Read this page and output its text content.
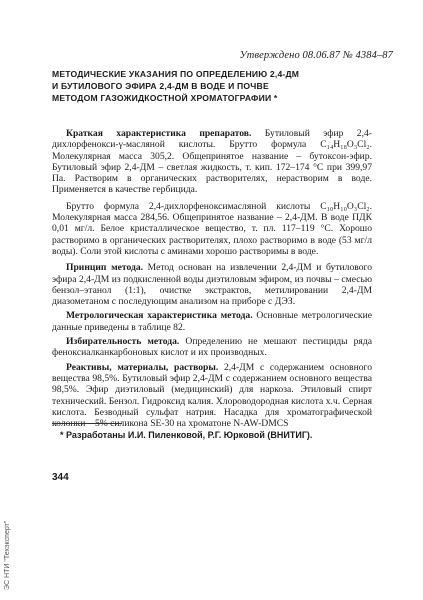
Утверждено 08.06.87 № 4384–87
МЕТОДИЧЕСКИЕ УКАЗАНИЯ ПО ОПРЕДЕЛЕНИЮ 2,4-ДМ
И БУТИЛОВОГО ЭФИРА 2,4-ДМ В ВОДЕ И ПОЧВЕ
МЕТОДОМ ГАЗОЖИДКОСТНОЙ ХРОМАТОГРАФИИ *

Краткая характеристика препаратов. Бутиловый эфир 2,4-дихлорфенокси-γ-масляной кислоты. Брутто формула C₁₄H₁₈O₃Cl₂. Молекулярная масса 305,2. Общепринятое название – бутоксон-эфир. Бутиловый эфир 2,4-ДМ – светлая жидкость, т. кип. 172–174 °С при 399,97 Па. Растворим в органических растворителях, нерастворим в воде. Применяется в качестве гербицида.

Брутто формула 2,4-дихлорфеноксимасляной кислоты C₁₀H₁₀O₃Cl₂. Молекулярная масса 284,56. Общепринятое название – 2,4-ДМ. В воде ПДК 0,01 мг/л. Белое кристаллическое вещество, т. пл. 117–119 °С. Хорошо растворимо в органических растворителях, плохо растворимо в воде (53 мг/л воды). Соли этой кислоты с аминами хорошо растворимы в воде.

Принцип метода. Метод основан на извлечении 2,4-ДМ и бутилового эфира 2,4-ДМ из подкисленной воды диэтиловым эфиром, из почвы – смесью бензол–этанол (1:1), очистке экстрактов, метилировании 2,4-ДМ диазометаном с последующим анализом на приборе с ДЭЗ.

Метрологическая характеристика метода. Основные метрологические данные приведены в таблице 82.

Избирательность метода. Определению не мешают пестициды ряда феноксиалканкарбоновых кислот и их производных.

Реактивы, материалы, растворы. 2,4-ДМ с содержанием основного вещества 98,5%. Бутиловый эфир 2,4-ДМ с содержанием основного вещества 98,5%. Эфир диэтиловый (медицинский) для наркоза. Этиловый спирт технический. Бензол. Гидроксид калия. Хлороводородная кислота х.ч. Серная кислота. Безводный сульфат натрия. Насадка для хроматографической колонки – 5% силикона SE-30 на хроматоне N-AW-DMCS

* Разработаны И.И. Пиленковой, Р.Г. Юрковой (ВНИТИГ).
344
ЭС НТИ "Техэксперт"
